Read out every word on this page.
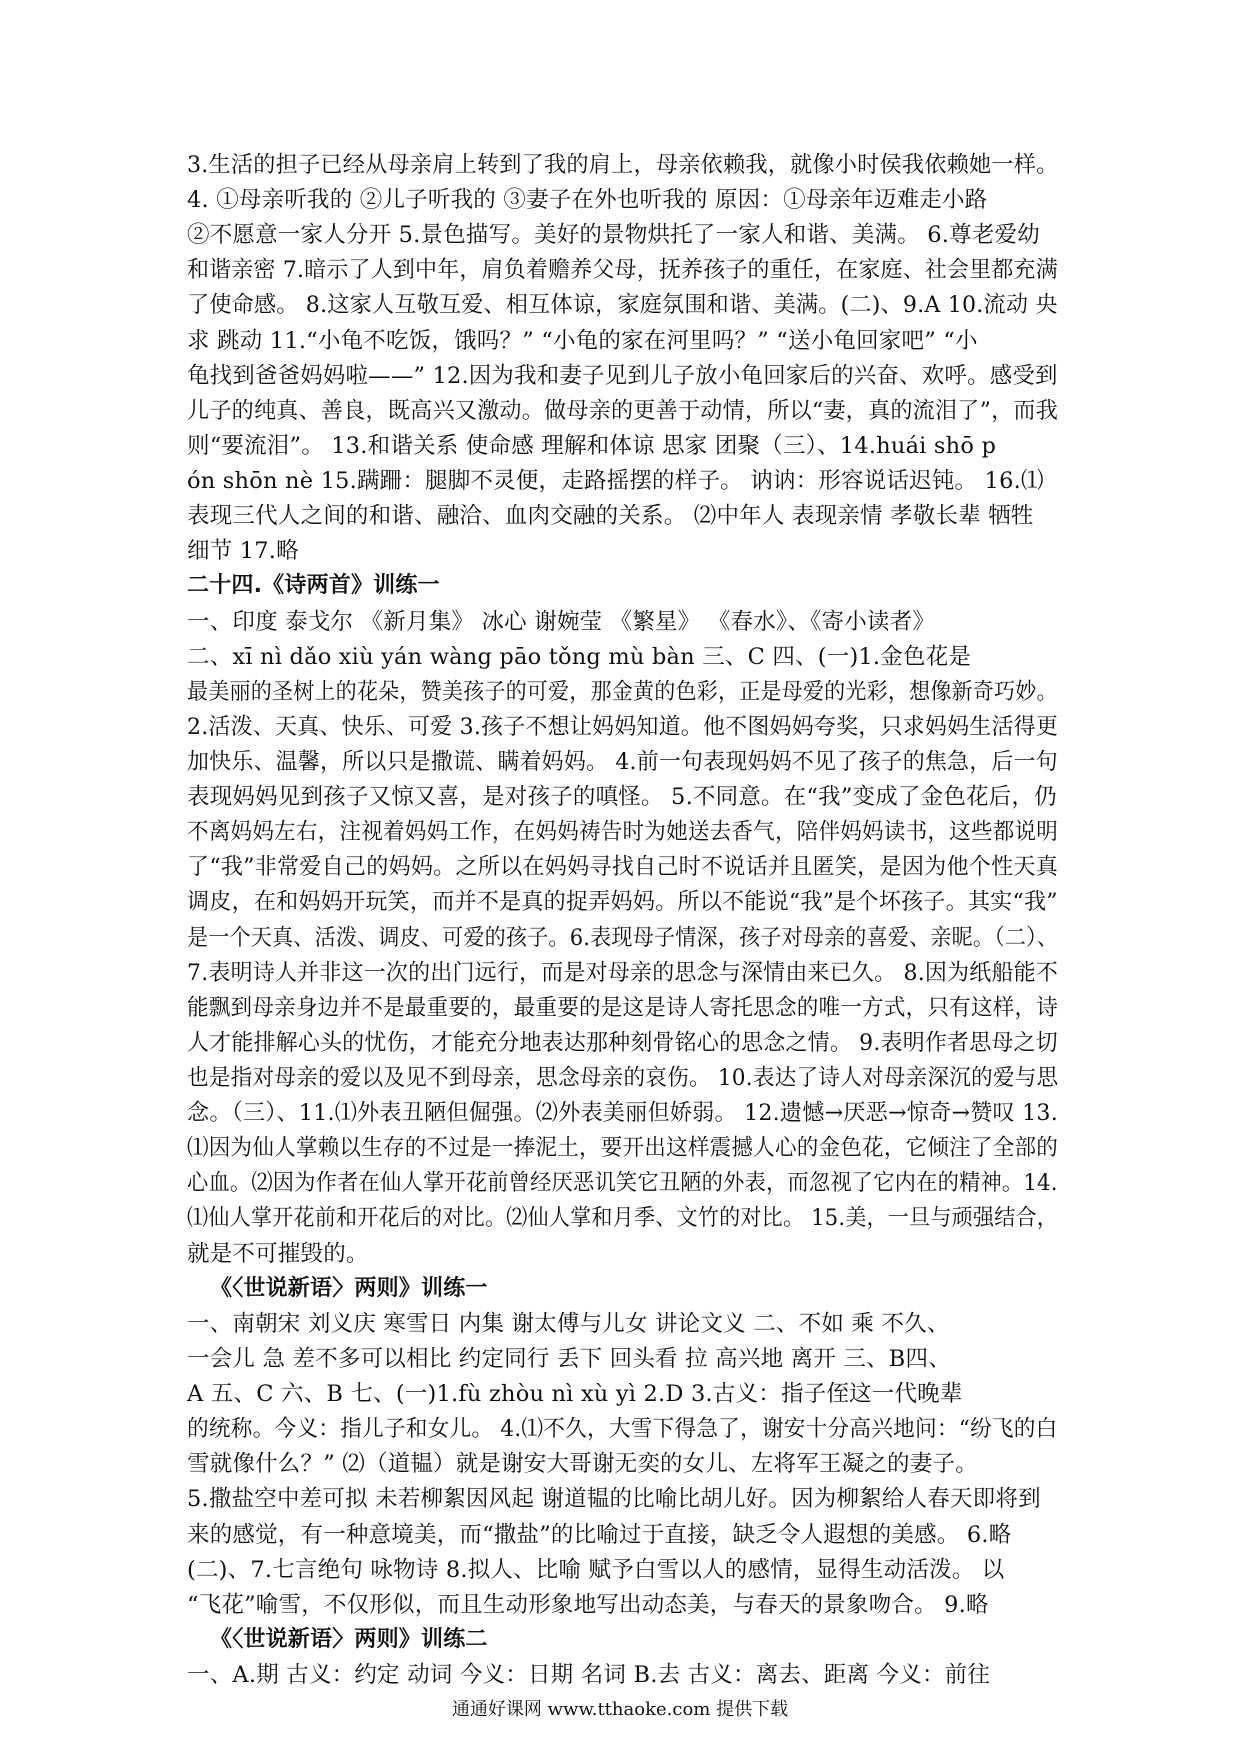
3.生活的担子已经从母亲肩上转到了我的肩上，母亲依赖我，就像小时侯我依赖她一样。
4. ①母亲听我的 ②儿子听我的 ③妻子在外也听我的 原因：①母亲年迈难走小路
②不愿意一家人分开 5.景色描写。美好的景物烘托了一家人和谐、美满。 6.尊老爱幼
和谐亲密 7.暗示了人到中年，肩负着赡养父母，抚养孩子的重任，在家庭、社会里都充满
了使命感。 8.这家人互敬互爱、相互体谅，家庭氛围和谐、美满。(二)、9.A 10.流动 央
求 跳动 11.“小龟不吃饭，饿吗？” “小龟的家在河里吗？” “送小龟回家吧” “小
龟找到爸爸妈妈啦——” 12.因为我和妻子见到儿子放小龟回家后的兴奋、欢呼。感受到
儿子的纯真、善良，既高兴又激动。做母亲的更善于动情，所以“妻，真的流泪了”，而我
则“要流泪”。 13.和谐关系 使命感 理解和体谅 思家 团聚（三）、14.huái shō p
ón shōn nè 15.蹒跚：腿脚不灵便，走路摇摆的样子。 讷讷：形容说话迟钝。 16.⑴
表现三代人之间的和谐、融洽、血肉交融的关系。 ⑵中年人 表现亲情 孝敬长辈 牺牲
细节 17.略
二十四.《诗两首》训练一
一、印度 泰戈尔 《新月集》 冰心 谢婉莹 《繁星》 《春水》、《寄小读者》
二、xī nì dǎo xiù yán wàng pāo tǒng mù bàn 三、C 四、(一)1.金色花是
最美丽的圣树上的花朵，赞美孩子的可爱，那金黄的色彩，正是母爱的光彩，想像新奇巧妙。
2.活泼、天真、快乐、可爱 3.孩子不想让妈妈知道。他不图妈妈夸奖，只求妈妈生活得更
加快乐、温馨，所以只是撒谎、瞒着妈妈。 4.前一句表现妈妈不见了孩子的焦急，后一句
表现妈妈见到孩子又惊又喜，是对孩子的嗔怪。 5.不同意。在“我”变成了金色花后，仍
不离妈妈左右，注视着妈妈工作，在妈妈祷告时为她送去香气，陪伴妈妈读书，这些都说明
了“我”非常爱自己的妈妈。之所以在妈妈寻找自己时不说话并且匿笑，是因为他个性天真
调皮，在和妈妈开玩笑，而并不是真的捉弄妈妈。所以不能说“我”是个坏孩子。其实“我”
是一个天真、活泼、调皮、可爱的孩子。6.表现母子情深，孩子对母亲的喜爱、亲昵。（二）、
7.表明诗人并非这一次的出门远行，而是对母亲的思念与深情由来已久。 8.因为纸船能不
能飘到母亲身边并不是最重要的，最重要的是这是诗人寄托思念的唯一方式，只有这样，诗
人才能排解心头的忧伤，才能充分地表达那种刻骨铭心的思念之情。 9.表明作者思母之切
也是指对母亲的爱以及见不到母亲，思念母亲的哀伤。 10.表达了诗人对母亲深沉的爱与思
念。（三）、11.⑴外表丑陋但倔强。⑵外表美丽但娇弱。 12.遗憾→厌恶→惊奇→赞叹 13.
⑴因为仙人掌赖以生存的不过是一捧泥土，要开出这样震撼人心的金色花，它倾注了全部的
心血。⑵因为作者在仙人掌开花前曾经厌恶讥笑它丑陋的外表，而忽视了它内在的精神。14.
⑴仙人掌开花前和开花后的对比。⑵仙人掌和月季、文竹的对比。 15.美，一旦与顽强结合，
就是不可摧毁的。
《〈世说新语〉两则》训练一
一、南朝宋 刘义庆 寒雪日 内集 谢太傅与儿女 讲论文义 二、不如 乘 不久、
一会儿 急 差不多可以相比 约定同行 丢下 回头看 拉 高兴地 离开 三、B四、
A 五、C 六、B 七、(一)1.fù zhòu nì xù yì 2.D 3.古义：指子侄这一代晚辈
的统称。今义：指儿子和女儿。 4.⑴不久，大雪下得急了，谢安十分高兴地问：“纷飞的白
雪就像什么？” ⑵（道韫）就是谢安大哥谢无奕的女儿、左将军王凝之的妻子。
5.撒盐空中差可拟 未若柳絮因风起 谢道韫的比喻比胡儿好。因为柳絮给人春天即将到
来的感觉，有一种意境美，而“撒盐”的比喻过于直接，缺乏令人遐想的美感。 6.略
(二)、7.七言绝句 咏物诗 8.拟人、比喻 赋予白雪以人的感情，显得生动活泼。 以
“飞花”喻雪，不仅形似，而且生动形象地写出动态美，与春天的景象吻合。 9.略
《〈世说新语〉两则》训练二
一、A.期 古义：约定 动词 今义：日期 名词 B.去 古义：离去、距离 今义：前往
通通好课网 www.tthaoke.com 提供下载
